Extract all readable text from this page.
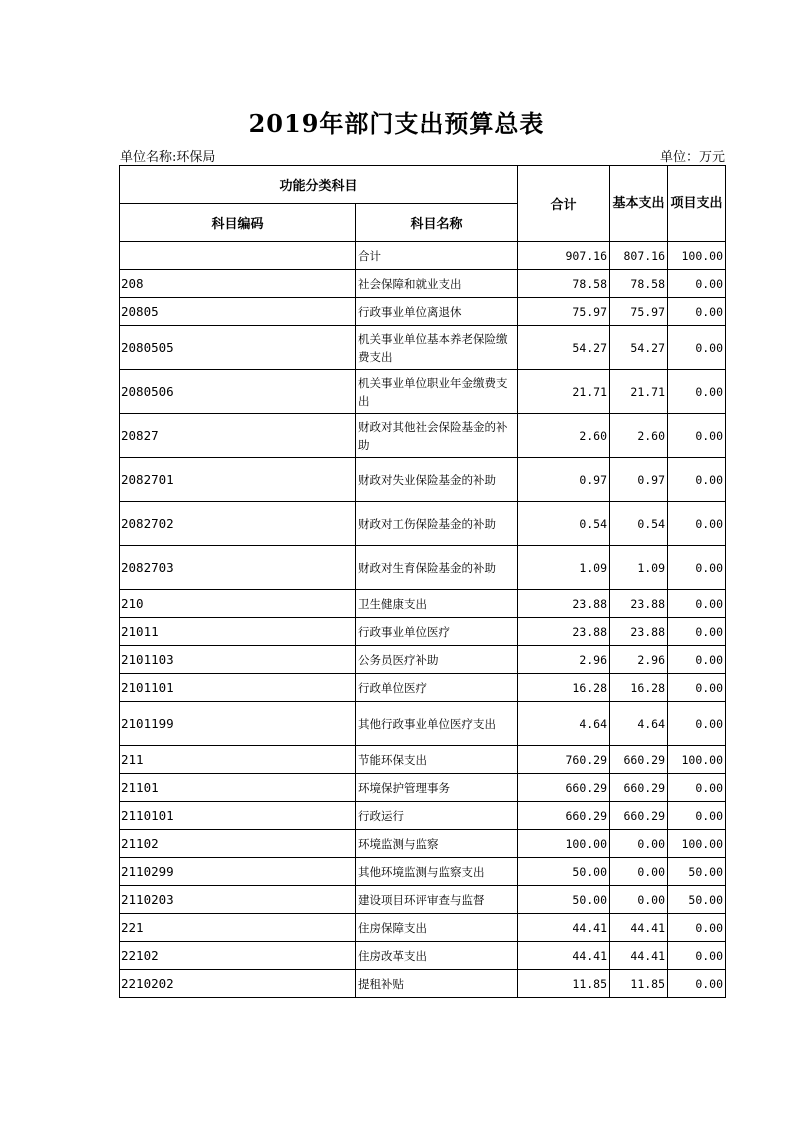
2019年部门支出预算总表
单位名称:环保局	单位：万元
功能分类科目		合计	基本支出	项目支出
科目编码	科目名称			
	合计	907.16	807.16	100.00
208	社会保障和就业支出	78.58	78.58	0.00
20805	行政事业单位离退休	75.97	75.97	0.00
2080505	机关事业单位基本养老保险缴费支出	54.27	54.27	0.00
2080506	机关事业单位职业年金缴费支出	21.71	21.71	0.00
20827	财政对其他社会保险基金的补助	2.60	2.60	0.00
2082701	财政对失业保险基金的补助	0.97	0.97	0.00
2082702	财政对工伤保险基金的补助	0.54	0.54	0.00
2082703	财政对生育保险基金的补助	1.09	1.09	0.00
210	卫生健康支出	23.88	23.88	0.00
21011	行政事业单位医疗	23.88	23.88	0.00
2101103	公务员医疗补助	2.96	2.96	0.00
2101101	行政单位医疗	16.28	16.28	0.00
2101199	其他行政事业单位医疗支出	4.64	4.64	0.00
211	节能环保支出	760.29	660.29	100.00
21101	环境保护管理事务	660.29	660.29	0.00
2110101	行政运行	660.29	660.29	0.00
21102	环境监测与监察	100.00	0.00	100.00
2110299	其他环境监测与监察支出	50.00	0.00	50.00
2110203	建设项目环评审查与监督	50.00	0.00	50.00
221	住房保障支出	44.41	44.41	0.00
22102	住房改革支出	44.41	44.41	0.00
2210202	提租补贴	11.85	11.85	0.00
